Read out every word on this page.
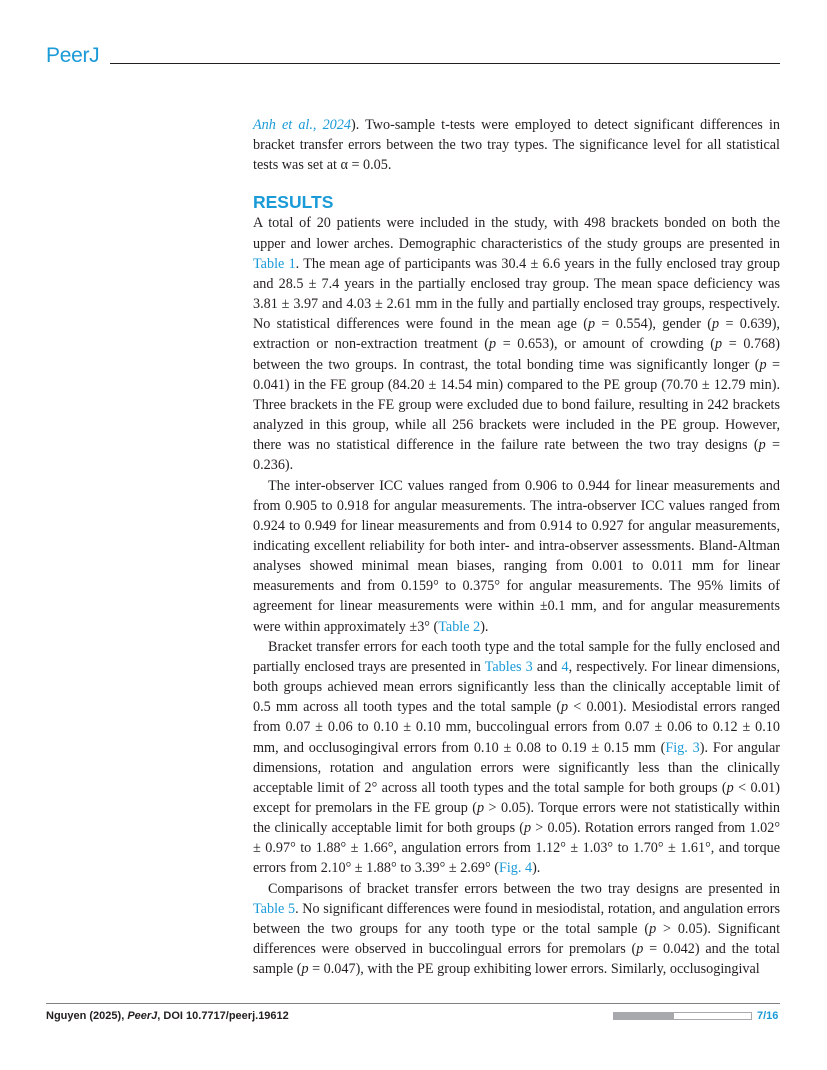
PeerJ

Anh et al., 2024). Two-sample t-tests were employed to detect significant differences in bracket transfer errors between the two tray types. The significance level for all statistical tests was set at α = 0.05.

RESULTS

A total of 20 patients were included in the study, with 498 brackets bonded on both the upper and lower arches. Demographic characteristics of the study groups are presented in Table 1. The mean age of participants was 30.4 ± 6.6 years in the fully enclosed tray group and 28.5 ± 7.4 years in the partially enclosed tray group. The mean space deficiency was 3.81 ± 3.97 and 4.03 ± 2.61 mm in the fully and partially enclosed tray groups, respectively. No statistical differences were found in the mean age (p = 0.554), gender (p = 0.639), extraction or non-extraction treatment (p = 0.653), or amount of crowding (p = 0.768) between the two groups. In contrast, the total bonding time was significantly longer (p = 0.041) in the FE group (84.20 ± 14.54 min) compared to the PE group (70.70 ± 12.79 min). Three brackets in the FE group were excluded due to bond failure, resulting in 242 brackets analyzed in this group, while all 256 brackets were included in the PE group. However, there was no statistical difference in the failure rate between the two tray designs (p = 0.236).

The inter-observer ICC values ranged from 0.906 to 0.944 for linear measurements and from 0.905 to 0.918 for angular measurements. The intra-observer ICC values ranged from 0.924 to 0.949 for linear measurements and from 0.914 to 0.927 for angular measurements, indicating excellent reliability for both inter- and intra-observer assessments. Bland-Altman analyses showed minimal mean biases, ranging from 0.001 to 0.011 mm for linear measurements and from 0.159° to 0.375° for angular measurements. The 95% limits of agreement for linear measurements were within ±0.1 mm, and for angular measurements were within approximately ±3° (Table 2).

Bracket transfer errors for each tooth type and the total sample for the fully enclosed and partially enclosed trays are presented in Tables 3 and 4, respectively. For linear dimensions, both groups achieved mean errors significantly less than the clinically acceptable limit of 0.5 mm across all tooth types and the total sample (p < 0.001). Mesiodistal errors ranged from 0.07 ± 0.06 to 0.10 ± 0.10 mm, buccolingual errors from 0.07 ± 0.06 to 0.12 ± 0.10 mm, and occlusogingival errors from 0.10 ± 0.08 to 0.19 ± 0.15 mm (Fig. 3). For angular dimensions, rotation and angulation errors were significantly less than the clinically acceptable limit of 2° across all tooth types and the total sample for both groups (p < 0.01) except for premolars in the FE group (p > 0.05). Torque errors were not statistically within the clinically acceptable limit for both groups (p > 0.05). Rotation errors ranged from 1.02° ± 0.97° to 1.88° ± 1.66°, angulation errors from 1.12° ± 1.03° to 1.70° ± 1.61°, and torque errors from 2.10° ± 1.88° to 3.39° ± 2.69° (Fig. 4).

Comparisons of bracket transfer errors between the two tray designs are presented in Table 5. No significant differences were found in mesiodistal, rotation, and angulation errors between the two groups for any tooth type or the total sample (p > 0.05). Significant differences were observed in buccolingual errors for premolars (p = 0.042) and the total sample (p = 0.047), with the PE group exhibiting lower errors. Similarly, occlusogingival

Nguyen (2025), PeerJ, DOI 10.7717/peerj.19612	7/16
